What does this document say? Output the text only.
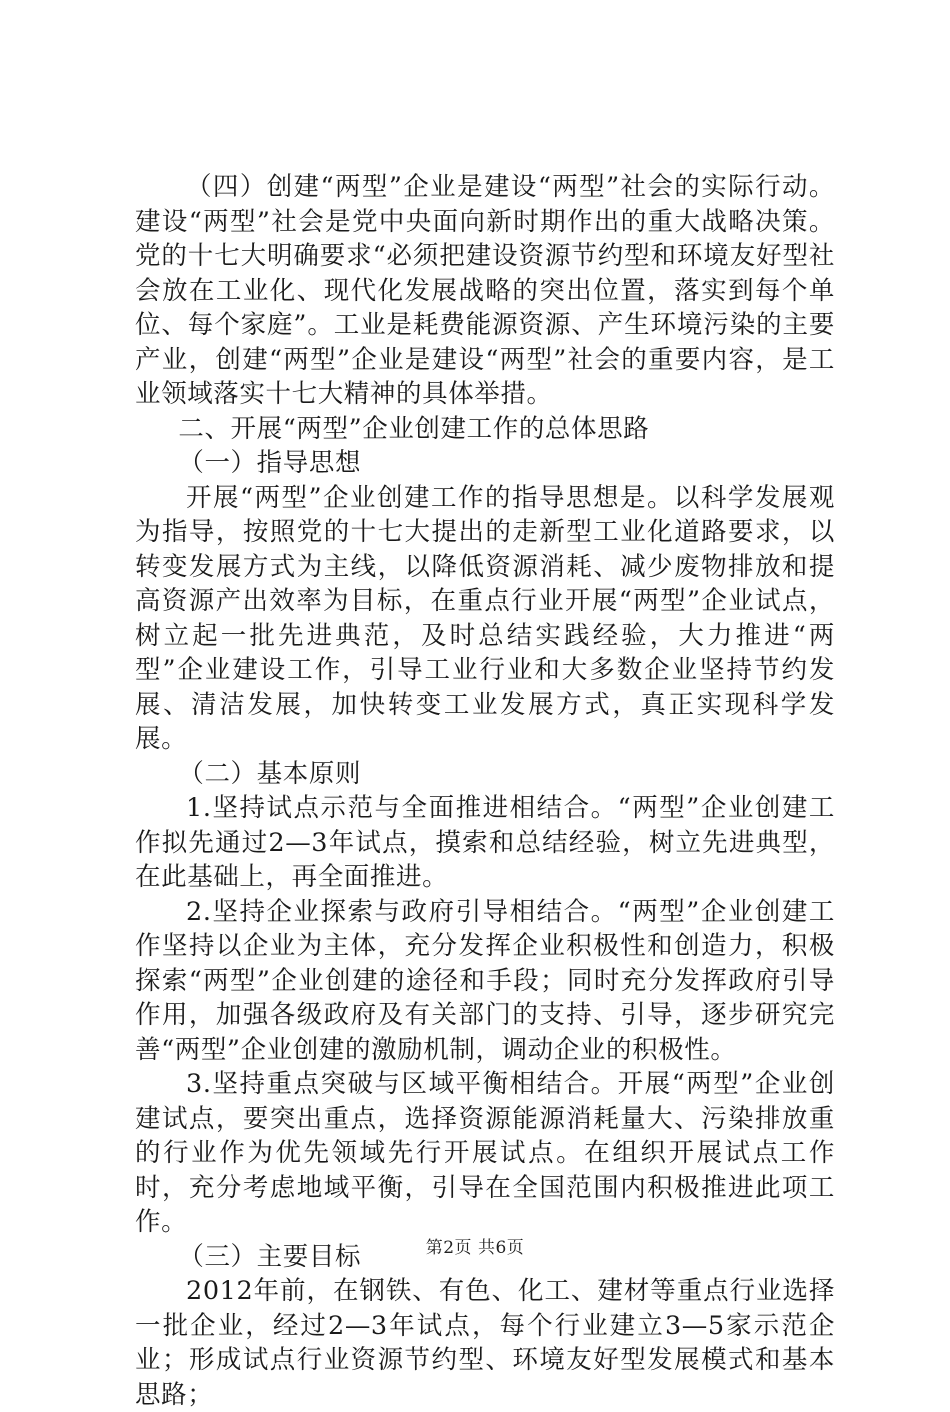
（四）创建“两型”企业是建设“两型”社会的实际行动。建设“两型”社会是党中央面向新时期作出的重大战略决策。党的十七大明确要求“必须把建设资源节约型和环境友好型社会放在工业化、现代化发展战略的突出位置，落实到每个单位、每个家庭”。工业是耗费能源资源、产生环境污染的主要产业，创建“两型”企业是建设“两型”社会的重要内容，是工业领域落实十七大精神的具体举措。

二、开展“两型”企业创建工作的总体思路

（一）指导思想

开展“两型”企业创建工作的指导思想是。以科学发展观为指导，按照党的十七大提出的走新型工业化道路要求，以转变发展方式为主线，以降低资源消耗、减少废物排放和提高资源产出效率为目标，在重点行业开展“两型”企业试点，树立起一批先进典范，及时总结实践经验，大力推进“两型”企业建设工作，引导工业行业和大多数企业坚持节约发展、清洁发展，加快转变工业发展方式，真正实现科学发展。

（二）基本原则

1.坚持试点示范与全面推进相结合。“两型”企业创建工作拟先通过2—3年试点，摸索和总结经验，树立先进典型，在此基础上，再全面推进。

2.坚持企业探索与政府引导相结合。“两型”企业创建工作坚持以企业为主体，充分发挥企业积极性和创造力，积极探索“两型”企业创建的途径和手段；同时充分发挥政府引导作用，加强各级政府及有关部门的支持、引导，逐步研究完善“两型”企业创建的激励机制，调动企业的积极性。

3.坚持重点突破与区域平衡相结合。开展“两型”企业创建试点，要突出重点，选择资源能源消耗量大、污染排放重的行业作为优先领域先行开展试点。在组织开展试点工作时，充分考虑地域平衡，引导在全国范围内积极推进此项工作。

（三）主要目标

2012年前，在钢铁、有色、化工、建材等重点行业选择一批企业，经过2—3年试点，每个行业建立3—5家示范企业；形成试点行业资源节约型、环境友好型发展模式和基本思路；

第2页 共6页
